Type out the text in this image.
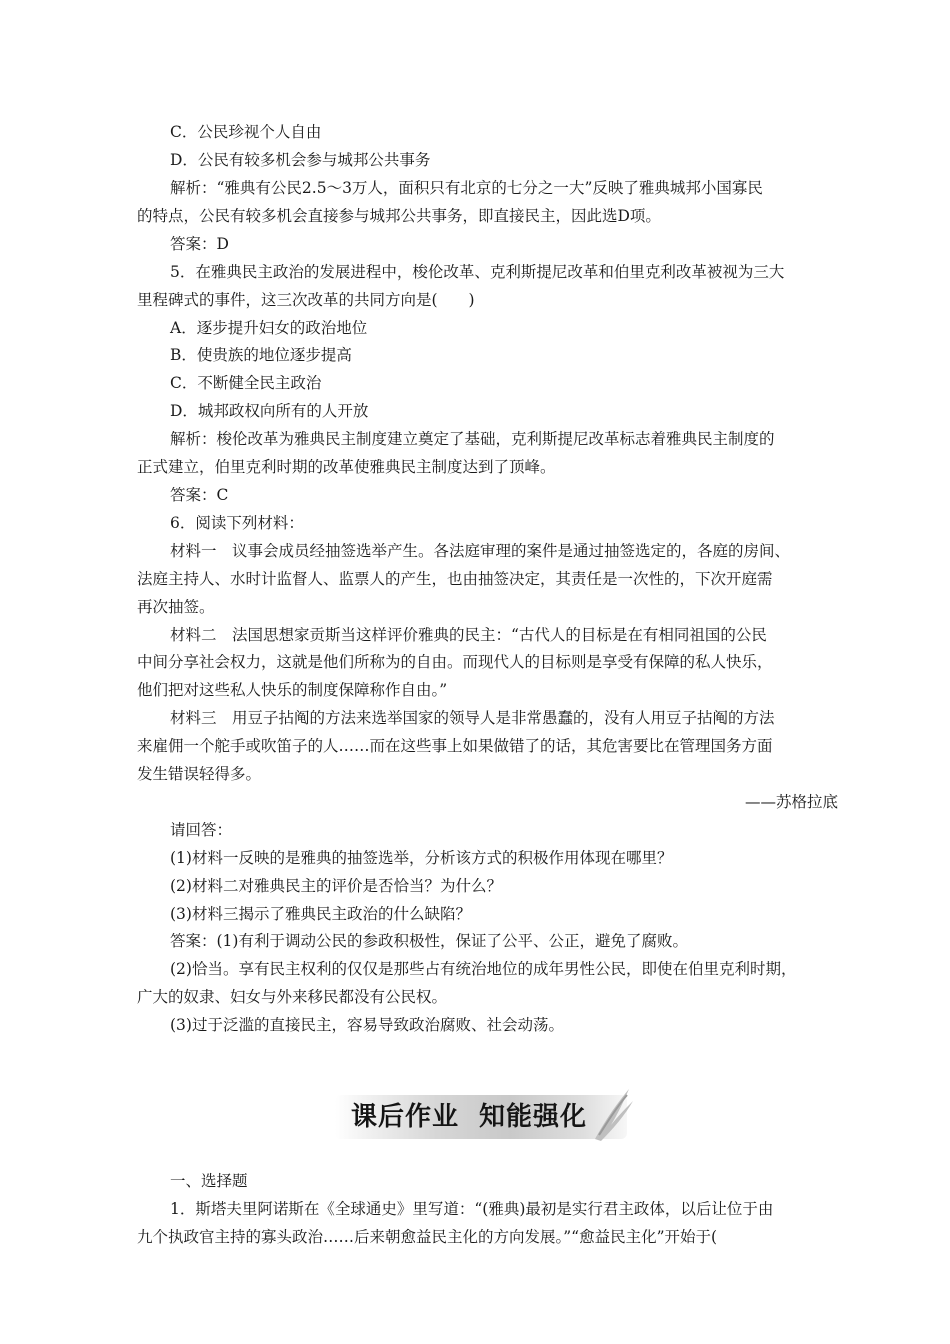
C．公民珍视个人自由
D．公民有较多机会参与城邦公共事务
解析：“雅典有公民2.5～3万人，面积只有北京的七分之一大”反映了雅典城邦小国寡民
的特点，公民有较多机会直接参与城邦公共事务，即直接民主，因此选D项。
答案：D
5．在雅典民主政治的发展进程中，梭伦改革、克利斯提尼改革和伯里克利改革被视为三大
里程碑式的事件，这三次改革的共同方向是(　　)
A．逐步提升妇女的政治地位
B．使贵族的地位逐步提高
C．不断健全民主政治
D．城邦政权向所有的人开放
解析：梭伦改革为雅典民主制度建立奠定了基础，克利斯提尼改革标志着雅典民主制度的
正式建立，伯里克利时期的改革使雅典民主制度达到了顶峰。
答案：C
6．阅读下列材料：
材料一　议事会成员经抽签选举产生。各法庭审理的案件是通过抽签选定的，各庭的房间、
法庭主持人、水时计监督人、监票人的产生，也由抽签决定，其责任是一次性的，下次开庭需
再次抽签。
材料二　法国思想家贡斯当这样评价雅典的民主：“古代人的目标是在有相同祖国的公民
中间分享社会权力，这就是他们所称为的自由。而现代人的目标则是享受有保障的私人快乐，
他们把对这些私人快乐的制度保障称作自由。”
材料三　用豆子拈阄的方法来选举国家的领导人是非常愚蠢的，没有人用豆子拈阄的方法
来雇佣一个舵手或吹笛子的人……而在这些事上如果做错了的话，其危害要比在管理国务方面
发生错误轻得多。
——苏格拉底
请回答：
(1)材料一反映的是雅典的抽签选举，分析该方式的积极作用体现在哪里？
(2)材料二对雅典民主的评价是否恰当？为什么？
(3)材料三揭示了雅典民主政治的什么缺陷？
答案：(1)有利于调动公民的参政积极性，保证了公平、公正，避免了腐败。
(2)恰当。享有民主权利的仅仅是那些占有统治地位的成年男性公民，即使在伯里克利时期，
广大的奴隶、妇女与外来移民都没有公民权。
(3)过于泛滥的直接民主，容易导致政治腐败、社会动荡。
课后作业 知能强化
一、选择题
1．斯塔夫里阿诺斯在《全球通史》里写道：“(雅典)最初是实行君主政体，以后让位于由
九个执政官主持的寡头政治……后来朝愈益民主化的方向发展。”“愈益民主化”开始于(
